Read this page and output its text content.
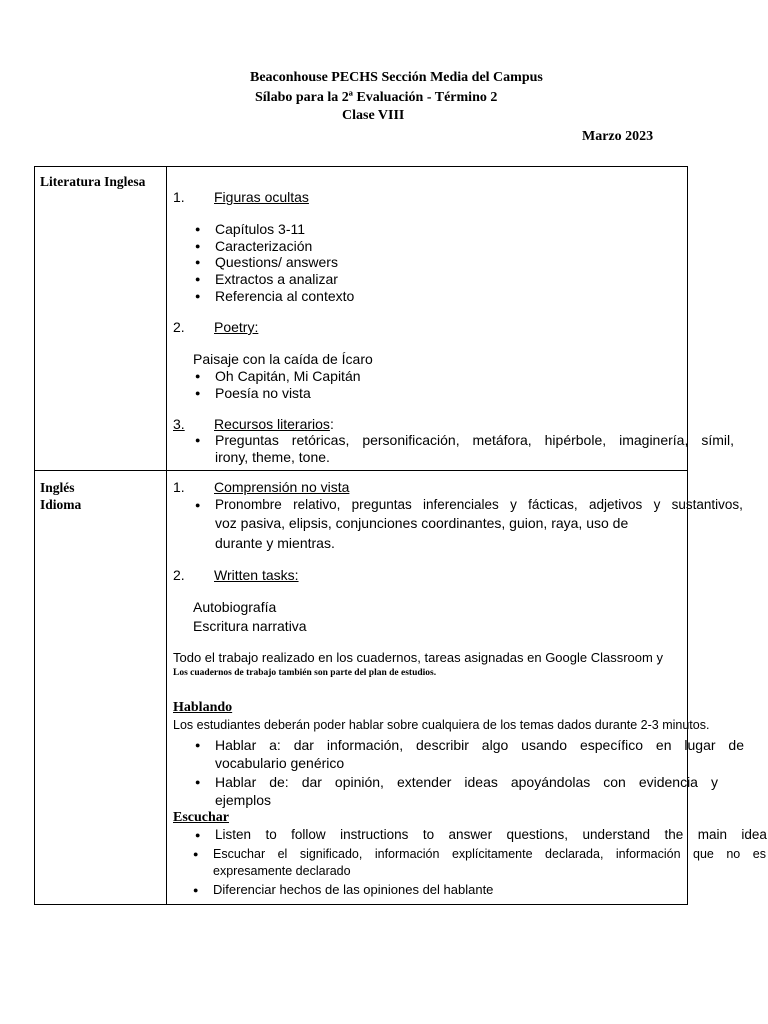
Beaconhouse PECHS Sección Media del Campus
Sílabo para la 2ª Evaluación - Término 2
Clase VIII
Marzo 2023
Literatura Inglesa
1. Figuras ocultas
● Capítulos 3-11
● Caracterización
● Questions/ answers
● Extractos a analizar
● Referencia al contexto
2. Poetry:
Paisaje con la caída de Ícaro
● Oh Capitán, Mi Capitán
● Poesía no vista
3. Recursos literarios:
● Preguntas retóricas, personificación, metáfora, hipérbole, imaginería, símil,
irony, theme, tone.
Inglés
Idioma
1. Comprensión no vista
● Pronombre relativo, preguntas inferenciales y fácticas, adjetivos y sustantivos,
voz pasiva, elipsis, conjunciones coordinantes, guion, raya, uso de
durante y mientras.
2. Written tasks:
Autobiografía
Escritura narrativa
Todo el trabajo realizado en los cuadernos, tareas asignadas en Google Classroom y
Los cuadernos de trabajo también son parte del plan de estudios.
Hablando
Los estudiantes deberán poder hablar sobre cualquiera de los temas dados durante 2-3 minutos.
● Hablar a: dar información, describir algo usando específico en lugar de
vocabulario genérico
● Hablar de: dar opinión, extender ideas apoyándolas con evidencia y
ejemplos
Escuchar
● Listen to follow instructions to answer questions, understand the main idea
● Escuchar el significado, información explícitamente declarada, información que no es
expresamente declarado
● Diferenciar hechos de las opiniones del hablante
